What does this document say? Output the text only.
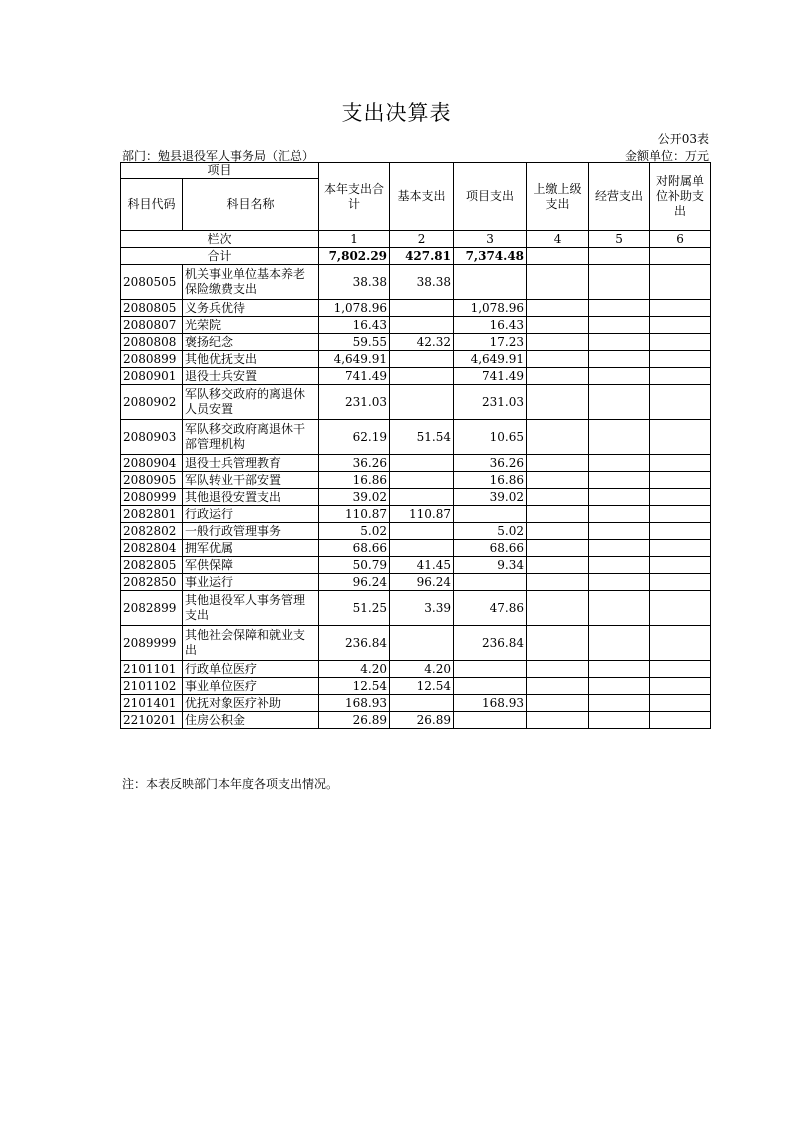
支出决算表
公开03表
部门：勉县退役军人事务局（汇总）	金额单位：万元
项目		本年支出合计	基本支出	项目支出	上缴上级支出	经营支出	对附属单位补助支出
科目代码	科目名称						
栏次		1	2	3	4	5	6
合计		7,802.29	427.81	7,374.48			
2080505	机关事业单位基本养老保险缴费支出	38.38	38.38				
2080805	义务兵优待	1,078.96		1,078.96			
2080807	光荣院	16.43		16.43			
2080808	褒扬纪念	59.55	42.32	17.23			
2080899	其他优抚支出	4,649.91		4,649.91			
2080901	退役士兵安置	741.49		741.49			
2080902	军队移交政府的离退休人员安置	231.03		231.03			
2080903	军队移交政府离退休干部管理机构	62.19	51.54	10.65			
2080904	退役士兵管理教育	36.26		36.26			
2080905	军队转业干部安置	16.86		16.86			
2080999	其他退役安置支出	39.02		39.02			
2082801	行政运行	110.87	110.87				
2082802	一般行政管理事务	5.02		5.02			
2082804	拥军优属	68.66		68.66			
2082805	军供保障	50.79	41.45	9.34			
2082850	事业运行	96.24	96.24				
2082899	其他退役军人事务管理支出	51.25	3.39	47.86			
2089999	其他社会保障和就业支出	236.84		236.84			
2101101	行政单位医疗	4.20	4.20				
2101102	事业单位医疗	12.54	12.54				
2101401	优抚对象医疗补助	168.93		168.93			
2210201	住房公积金	26.89	26.89				
注：本表反映部门本年度各项支出情况。
